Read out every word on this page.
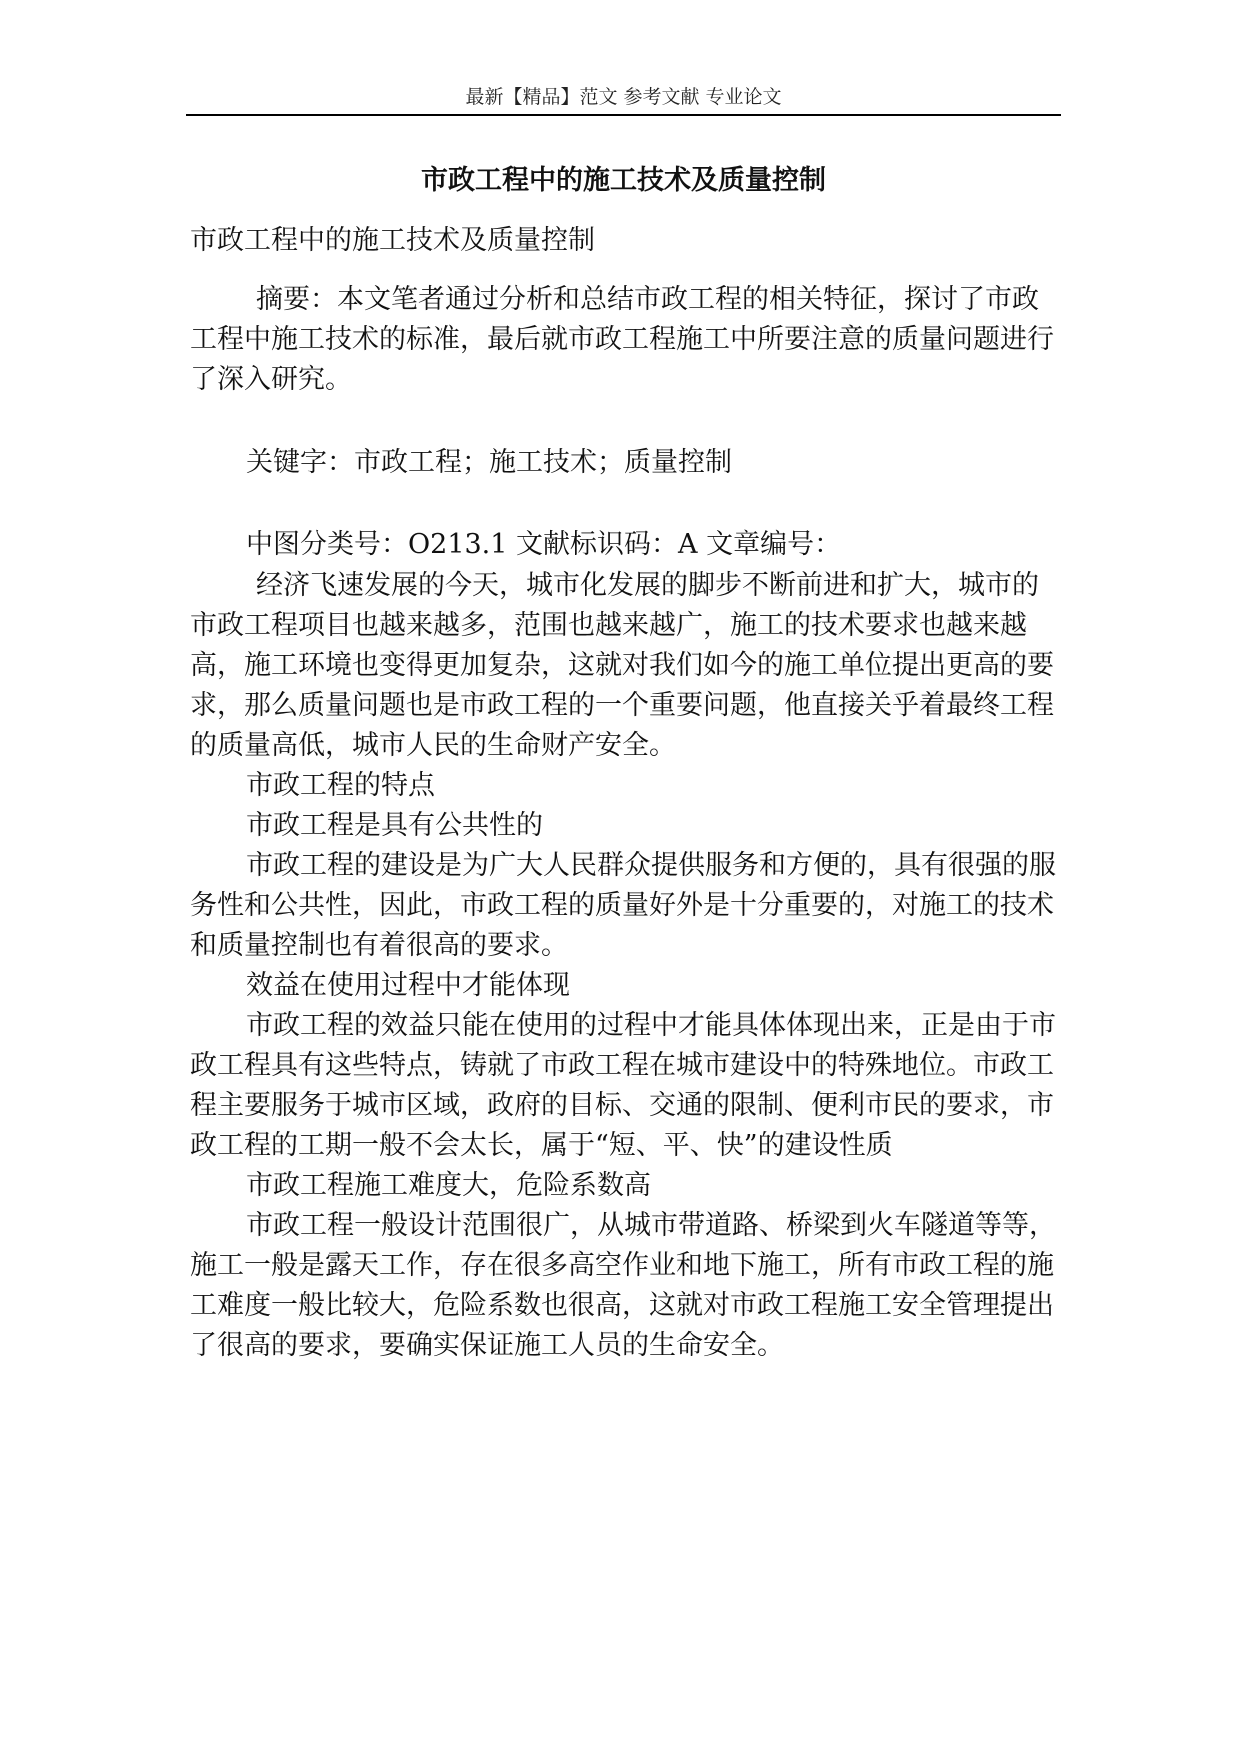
最新【精品】范文 参考文献 专业论文
市政工程中的施工技术及质量控制
市政工程中的施工技术及质量控制

摘要：本文笔者通过分析和总结市政工程的相关特征，探讨了市政工程中施工技术的标准，最后就市政工程施工中所要注意的质量问题进行了深入研究。

关键字：市政工程；施工技术；质量控制
中图分类号：O213.1 文献标识码：A 文章编号：

经济飞速发展的今天，城市化发展的脚步不断前进和扩大，城市的市政工程项目也越来越多，范围也越来越广，施工的技术要求也越来越高，施工环境也变得更加复杂，这就对我们如今的施工单位提出更高的要求，那么质量问题也是市政工程的一个重要问题，他直接关乎着最终工程的质量高低，城市人民的生命财产安全。

市政工程的特点

市政工程是具有公共性的

市政工程的建设是为广大人民群众提供服务和方便的，具有很强的服务性和公共性，因此，市政工程的质量好外是十分重要的，对施工的技术和质量控制也有着很高的要求。

效益在使用过程中才能体现

市政工程的效益只能在使用的过程中才能具体体现出来，正是由于市政工程具有这些特点，铸就了市政工程在城市建设中的特殊地位。市政工程主要服务于城市区域，政府的目标、交通的限制、便利市民的要求，市政工程的工期一般不会太长，属于“短、平、快”的建设性质

市政工程施工难度大，危险系数高

市政工程一般设计范围很广，从城市带道路、桥梁到火车隧道等等，施工一般是露天工作，存在很多高空作业和地下施工，所有市政工程的施工难度一般比较大，危险系数也很高，这就对市政工程施工安全管理提出了很高的要求，要确实保证施工人员的生命安全。
